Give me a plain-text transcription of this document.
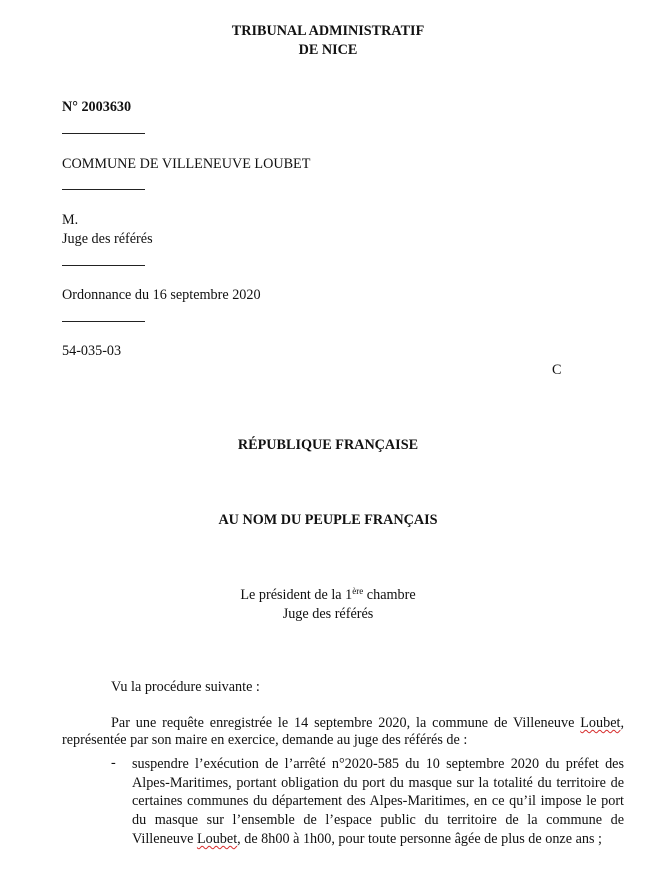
TRIBUNAL ADMINISTRATIF
DE NICE
N° 2003630
COMMUNE DE VILLENEUVE LOUBET
M.
Juge des référés
Ordonnance du 16 septembre 2020
54-035-03
C
RÉPUBLIQUE FRANÇAISE
AU NOM DU PEUPLE FRANÇAIS
Le président de la 1ère chambre
Juge des référés
Vu la procédure suivante :
Par une requête enregistrée le 14 septembre 2020, la commune de Villeneuve Loubet, représentée par son maire en exercice, demande au juge des référés de :
- suspendre l’exécution de l’arrêté n°2020-585 du 10 septembre 2020 du préfet des Alpes-Maritimes, portant obligation du port du masque sur la totalité du territoire de certaines communes du département des Alpes-Maritimes, en ce qu’il impose le port du masque sur l’ensemble de l’espace public du territoire de la commune de Villeneuve Loubet, de 8h00 à 1h00, pour toute personne âgée de plus de onze ans ;
